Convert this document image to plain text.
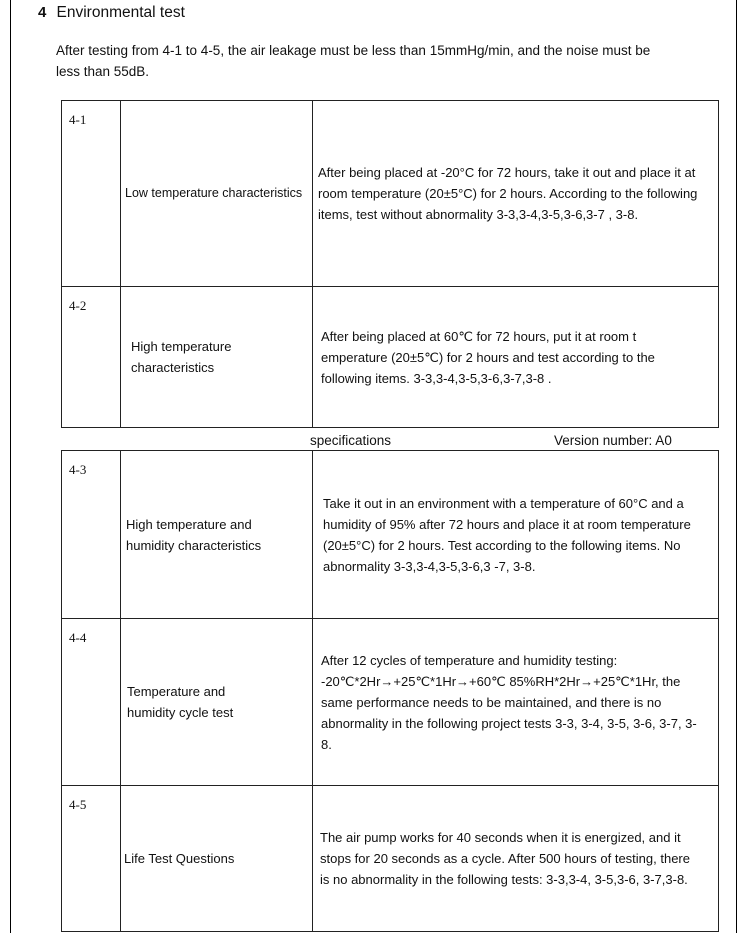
4 Environmental test
After testing from 4-1 to 4-5, the air leakage must be less than 15mmHg/min, and the noise must be less than 55dB.
4-1	Low temperature characteristics	After being placed at -20°C for 72 hours, take it out and place it at room temperature (20±5°C) for 2 hours. According to the following items, test without abnormality 3-3,3-4,3-5,3-6,3-7 , 3-8.

4-2	High temperature characteristics	After being placed at 60℃ for 72 hours, put it at room t emperature (20±5℃) for 2 hours and test according to the following items. 3-3,3-4,3-5,3-6,3-7,3-8 .
specifications	Version number: A0
4-3	High temperature and humidity characteristics	Take it out in an environment with a temperature of 60°C and a humidity of 95% after 72 hours and place it at room temperature (20±5°C) for 2 hours. Test according to the following items. No abnormality 3-3,3-4,3-5,3-6,3 -7, 3-8.

4-4	Temperature and humidity cycle test	After 12 cycles of temperature and humidity testing: -20℃*2Hr→+25℃*1Hr→+60℃ 85%RH*2Hr→+25℃*1Hr, the same performance needs to be maintained, and there is no abnormality in the following project tests 3-3, 3-4, 3-5, 3-6, 3-7, 3-8.

4-5	Life Test Questions	The air pump works for 40 seconds when it is energized, and it stops for 20 seconds as a cycle. After 500 hours of testing, there is no abnormality in the following tests: 3-3,3-4, 3-5,3-6, 3-7,3-8.
